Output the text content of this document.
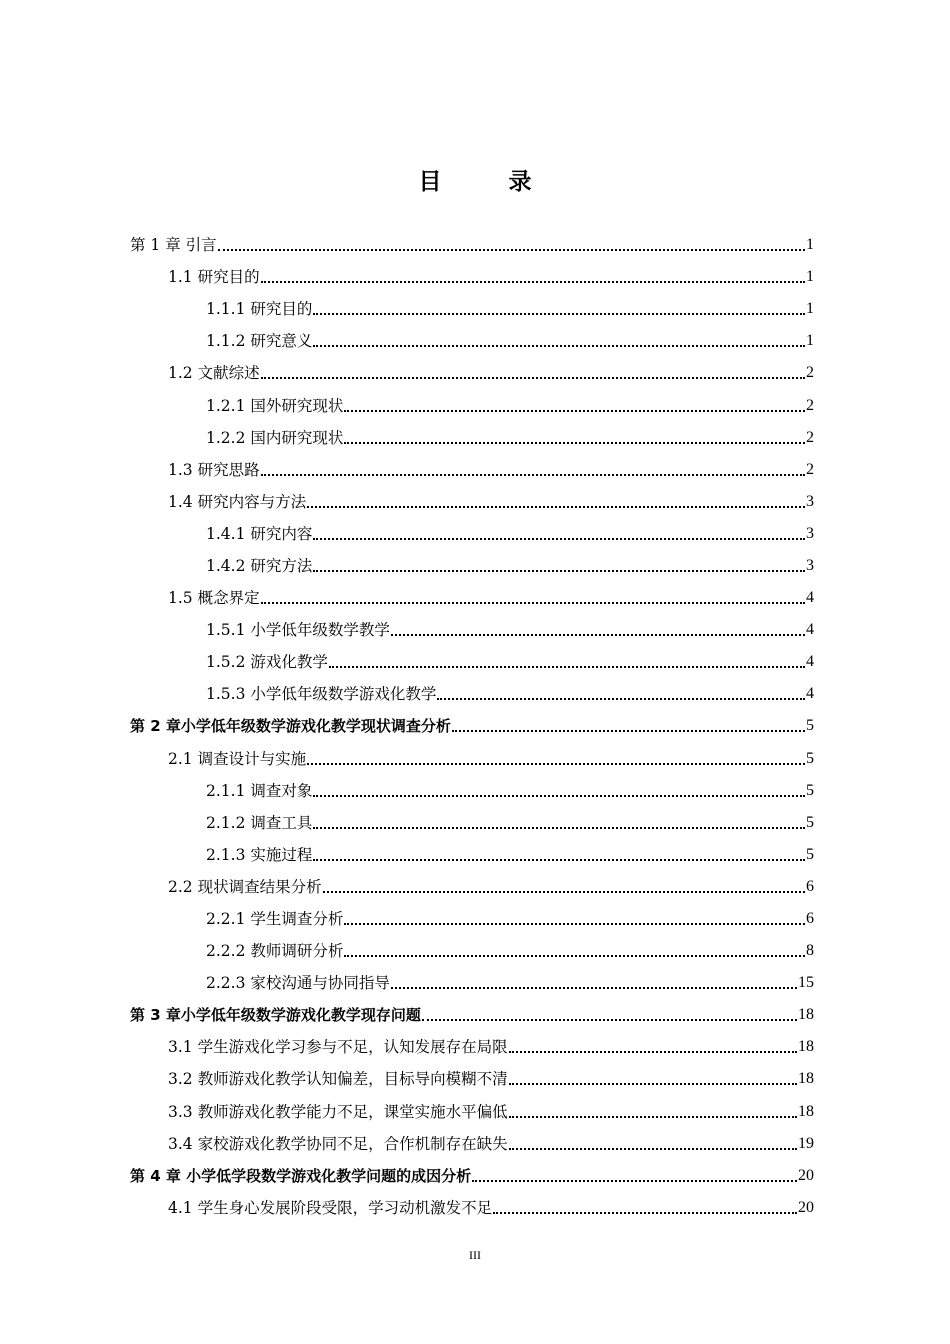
目　录
第 1 章 引言	1
1.1 研究目的	1
1.1.1 研究目的	1
1.1.2 研究意义	1
1.2 文献综述	2
1.2.1 国外研究现状	2
1.2.2 国内研究现状	2
1.3 研究思路	2
1.4 研究内容与方法	3
1.4.1 研究内容	3
1.4.2 研究方法	3
1.5 概念界定	4
1.5.1 小学低年级数学教学	4
1.5.2 游戏化教学	4
1.5.3 小学低年级数学游戏化教学	4
第 2 章小学低年级数学游戏化教学现状调查分析	5
2.1 调查设计与实施	5
2.1.1 调查对象	5
2.1.2 调查工具	5
2.1.3 实施过程	5
2.2 现状调查结果分析	6
2.2.1 学生调查分析	6
2.2.2 教师调研分析	8
2.2.3 家校沟通与协同指导	15
第 3 章小学低年级数学游戏化教学现存问题	18
3.1 学生游戏化学习参与不足，认知发展存在局限	18
3.2 教师游戏化教学认知偏差，目标导向模糊不清	18
3.3 教师游戏化教学能力不足，课堂实施水平偏低	18
3.4 家校游戏化教学协同不足，合作机制存在缺失	19
第 4 章 小学低学段数学游戏化教学问题的成因分析	20
4.1 学生身心发展阶段受限，学习动机激发不足	20
III
